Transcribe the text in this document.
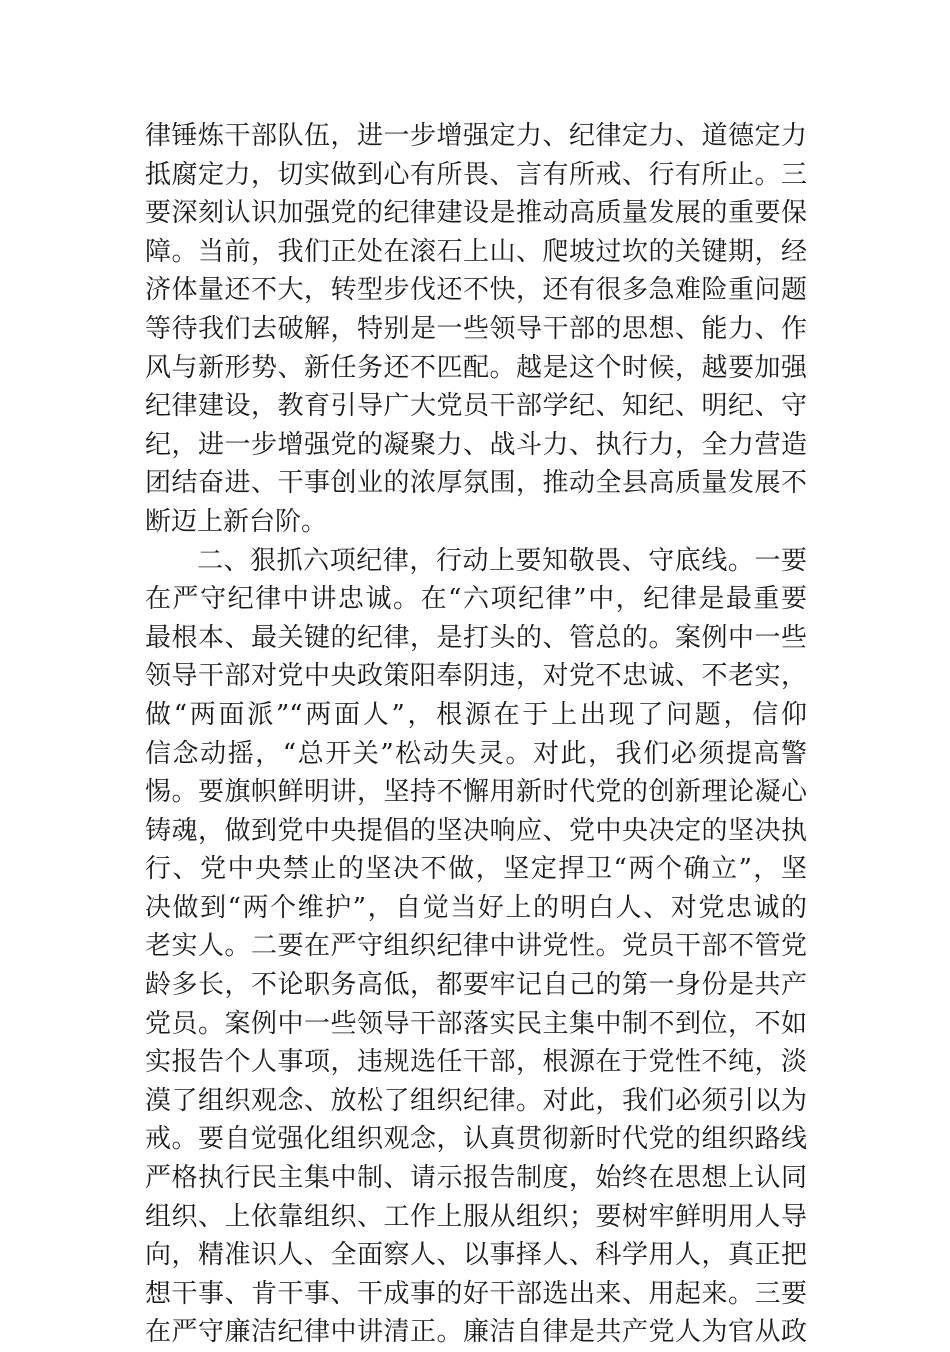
律锤炼干部队伍，进一步增强定力、纪律定力、道德定力
抵腐定力，切实做到心有所畏、言有所戒、行有所止。三
要深刻认识加强党的纪律建设是推动高质量发展的重要保
障。当前，我们正处在滚石上山、爬坡过坎的关键期，经
济体量还不大，转型步伐还不快，还有很多急难险重问题
等待我们去破解，特别是一些领导干部的思想、能力、作
风与新形势、新任务还不匹配。越是这个时候，越要加强
纪律建设，教育引导广大党员干部学纪、知纪、明纪、守
纪，进一步增强党的凝聚力、战斗力、执行力，全力营造
团结奋进、干事创业的浓厚氛围，推动全县高质量发展不
断迈上新台阶。
二、狠抓六项纪律，行动上要知敬畏、守底线。一要
在严守纪律中讲忠诚。在“六项纪律”中，纪律是最重要
最根本、最关键的纪律，是打头的、管总的。案例中一些
领导干部对党中央政策阳奉阴违，对党不忠诚、不老实，
做“两面派”“两面人”，根源在于上出现了问题，信仰
信念动摇，“总开关”松动失灵。对此，我们必须提高警
惕。要旗帜鲜明讲，坚持不懈用新时代党的创新理论凝心
铸魂，做到党中央提倡的坚决响应、党中央决定的坚决执
行、党中央禁止的坚决不做，坚定捍卫“两个确立”，坚
决做到“两个维护”，自觉当好上的明白人、对党忠诚的
老实人。二要在严守组织纪律中讲党性。党员干部不管党
龄多长，不论职务高低，都要牢记自己的第一身份是共产
党员。案例中一些领导干部落实民主集中制不到位，不如
实报告个人事项，违规选任干部，根源在于党性不纯，淡
漠了组织观念、放松了组织纪律。对此，我们必须引以为
戒。要自觉强化组织观念，认真贯彻新时代党的组织路线
严格执行民主集中制、请示报告制度，始终在思想上认同
组织、上依靠组织、工作上服从组织；要树牢鲜明用人导
向，精准识人、全面察人、以事择人、科学用人，真正把
想干事、肯干事、干成事的好干部选出来、用起来。三要
在严守廉洁纪律中讲清正。廉洁自律是共产党人为官从政
